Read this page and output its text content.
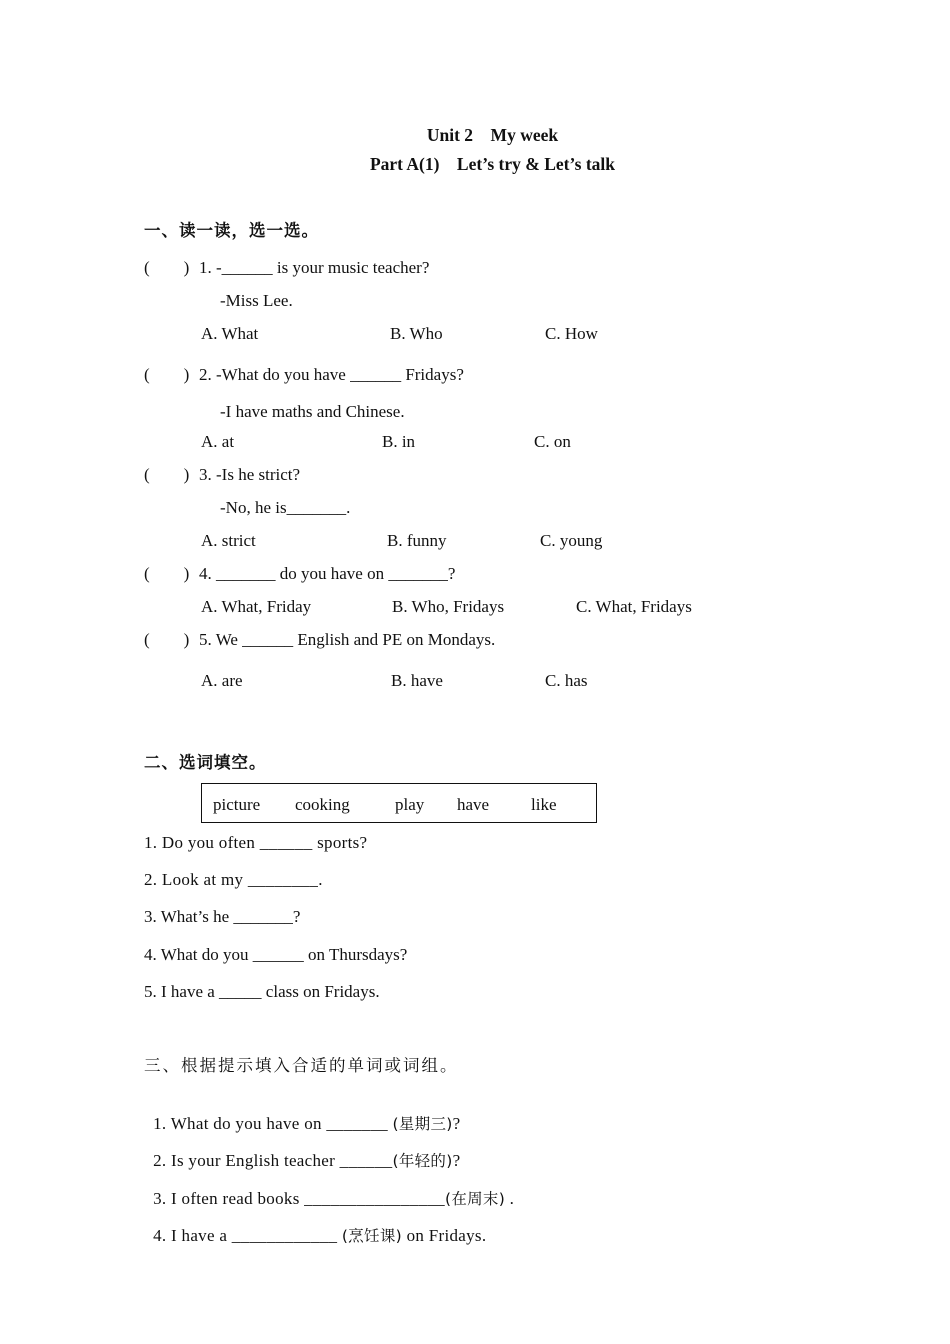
Unit 2    My week
Part A(1)    Let’s try & Let’s talk
一、读一读，选一选。
(        ) 1. -______ is your music teacher?
-Miss Lee.
A. What	B. Who	C. How
(        ) 2. -What do you have ______ Fridays?
-I have maths and Chinese.
A. at	B. in	C. on
(        ) 3. -Is he strict?
-No, he is_______.
A. strict	B. funny	C. young
(        ) 4. _______ do you have on _______?
A. What, Friday	B. Who, Fridays	C. What, Fridays
(        ) 5. We ______ English and PE on Mondays.
A. are	B. have	C. has
二、选词填空。
picture cooking	play have like
1. Do you often ______ sports?
2. Look at my ________.
3. What’s he _______?
4. What do you ______ on Thursdays?
5. I have a _____ class on Fridays.
三、根据提示填入合适的单词或词组。

1. What do you have on _______ (星期三)?

2. Is your English teacher ______(年轻的)?

3. I often read books ________________(在周末) .

4. I have a ____________ (烹饪课) on Fridays.
